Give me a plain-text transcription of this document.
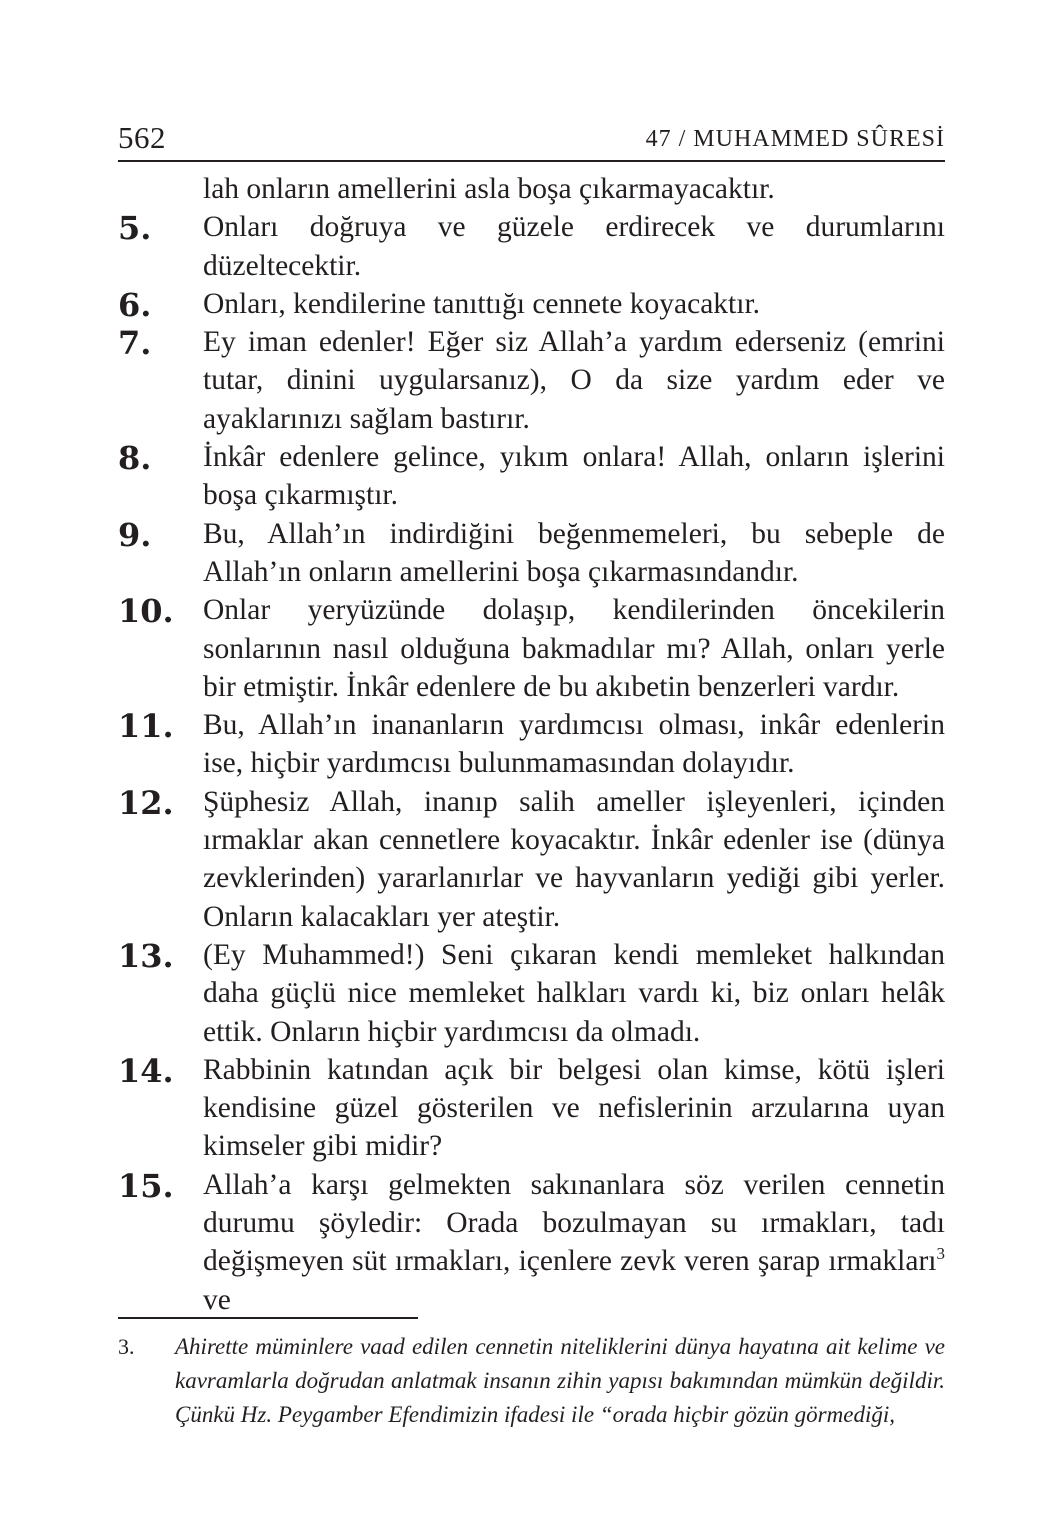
562	47 / MUHAMMED SÛRESİ
lah onların amellerini asla boşa çıkarmayacaktır.
5. Onları doğruya ve güzele erdirecek ve durumlarını düzeltecektir.
6. Onları, kendilerine tanıttığı cennete koyacaktır.
7. Ey iman edenler! Eğer siz Allah’a yardım ederseniz (emrini tutar, dinini uygularsanız), O da size yardım eder ve ayaklarınızı sağlam bastırır.
8. İnkâr edenlere gelince, yıkım onlara! Allah, onların işlerini boşa çıkarmıştır.
9. Bu, Allah’ın indirdiğini beğenmemeleri, bu sebeple de Allah’ın onların amellerini boşa çıkarmasındandır.
10. Onlar yeryüzünde dolaşıp, kendilerinden öncekilerin sonlarının nasıl olduğuna bakmadılar mı? Allah, onları yerle bir etmiştir. İnkâr edenlere de bu akıbetin benzerleri vardır.
11. Bu, Allah’ın inananların yardımcısı olması, inkâr edenlerin ise, hiçbir yardımcısı bulunmamasından dolayıdır.
12. Şüphesiz Allah, inanıp salih ameller işleyenleri, içinden ırmaklar akan cennetlere koyacaktır. İnkâr edenler ise (dünya zevklerinden) yararlanırlar ve hayvanların yediği gibi yerler. Onların kalacakları yer ateştir.
13. (Ey Muhammed!) Seni çıkaran kendi memleket halkından daha güçlü nice memleket halkları vardı ki, biz onları helâk ettik. Onların hiçbir yardımcısı da olmadı.
14. Rabbinin katından açık bir belgesi olan kimse, kötü işleri kendisine güzel gösterilen ve nefislerinin arzularına uyan kimseler gibi midir?
15. Allah’a karşı gelmekten sakınanlara söz verilen cennetin durumu şöyledir: Orada bozulmayan su ırmakları, tadı değişmeyen süt ırmakları, içenlere zevk veren şarap ırmakları$^3$ ve
3.	Ahirette müminlere vaad edilen cennetin niteliklerini dünya hayatına ait kelime ve kavramlarla doğrudan anlatmak insanın zihin yapısı bakımından mümkün değildir. Çünkü Hz. Peygamber Efendimizin ifadesi ile “orada hiçbir gözün görmediği,
